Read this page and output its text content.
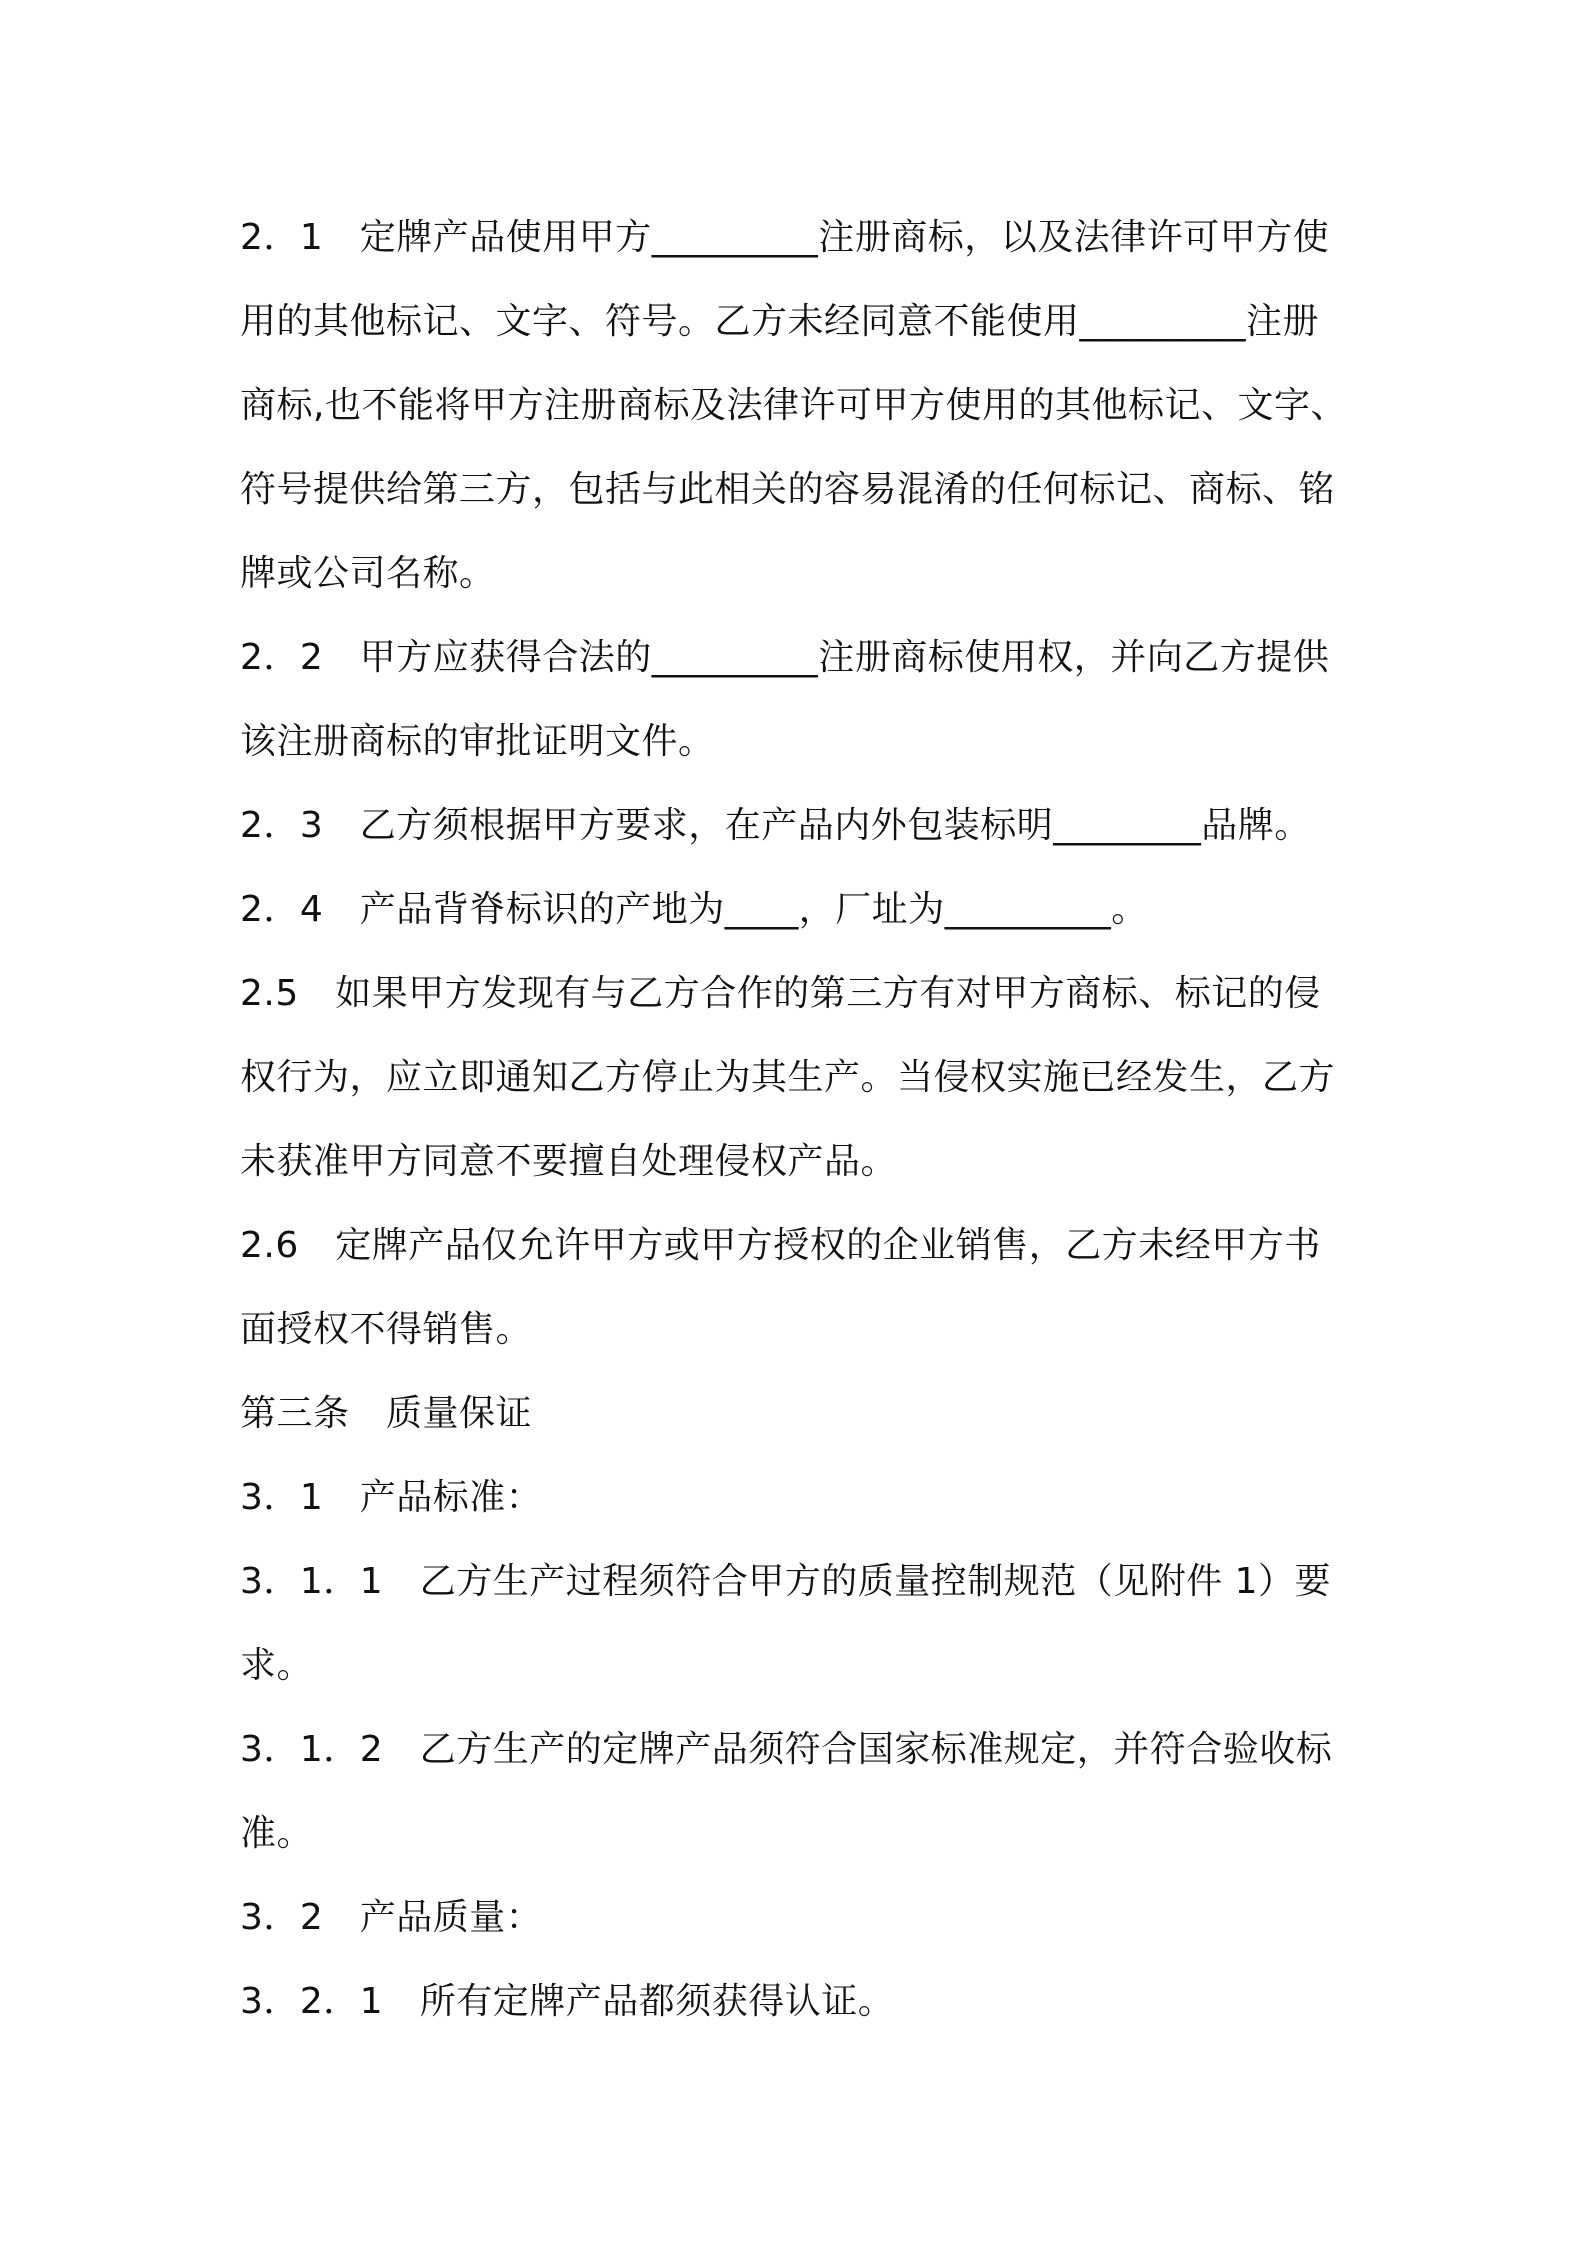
2．1　定牌产品使用甲方_________注册商标，以及法律许可甲方使
用的其他标记、文字、符号。乙方未经同意不能使用_________注册
商标,也不能将甲方注册商标及法律许可甲方使用的其他标记、文字、
符号提供给第三方，包括与此相关的容易混淆的任何标记、商标、铭
牌或公司名称。
2．2　甲方应获得合法的_________注册商标使用权，并向乙方提供
该注册商标的审批证明文件。
2．3　乙方须根据甲方要求，在产品内外包装标明________品牌。
2．4　产品背脊标识的产地为____，厂址为_________。
2.5　如果甲方发现有与乙方合作的第三方有对甲方商标、标记的侵
权行为，应立即通知乙方停止为其生产。当侵权实施已经发生，乙方
未获准甲方同意不要擅自处理侵权产品。
2.6　定牌产品仅允许甲方或甲方授权的企业销售，乙方未经甲方书
面授权不得销售。
第三条　质量保证
3．1　产品标准：
3．1．1　乙方生产过程须符合甲方的质量控制规范（见附件 1）要
求。
3．1．2　乙方生产的定牌产品须符合国家标准规定，并符合验收标
准。
3．2　产品质量：
3．2．1　所有定牌产品都须获得认证。
